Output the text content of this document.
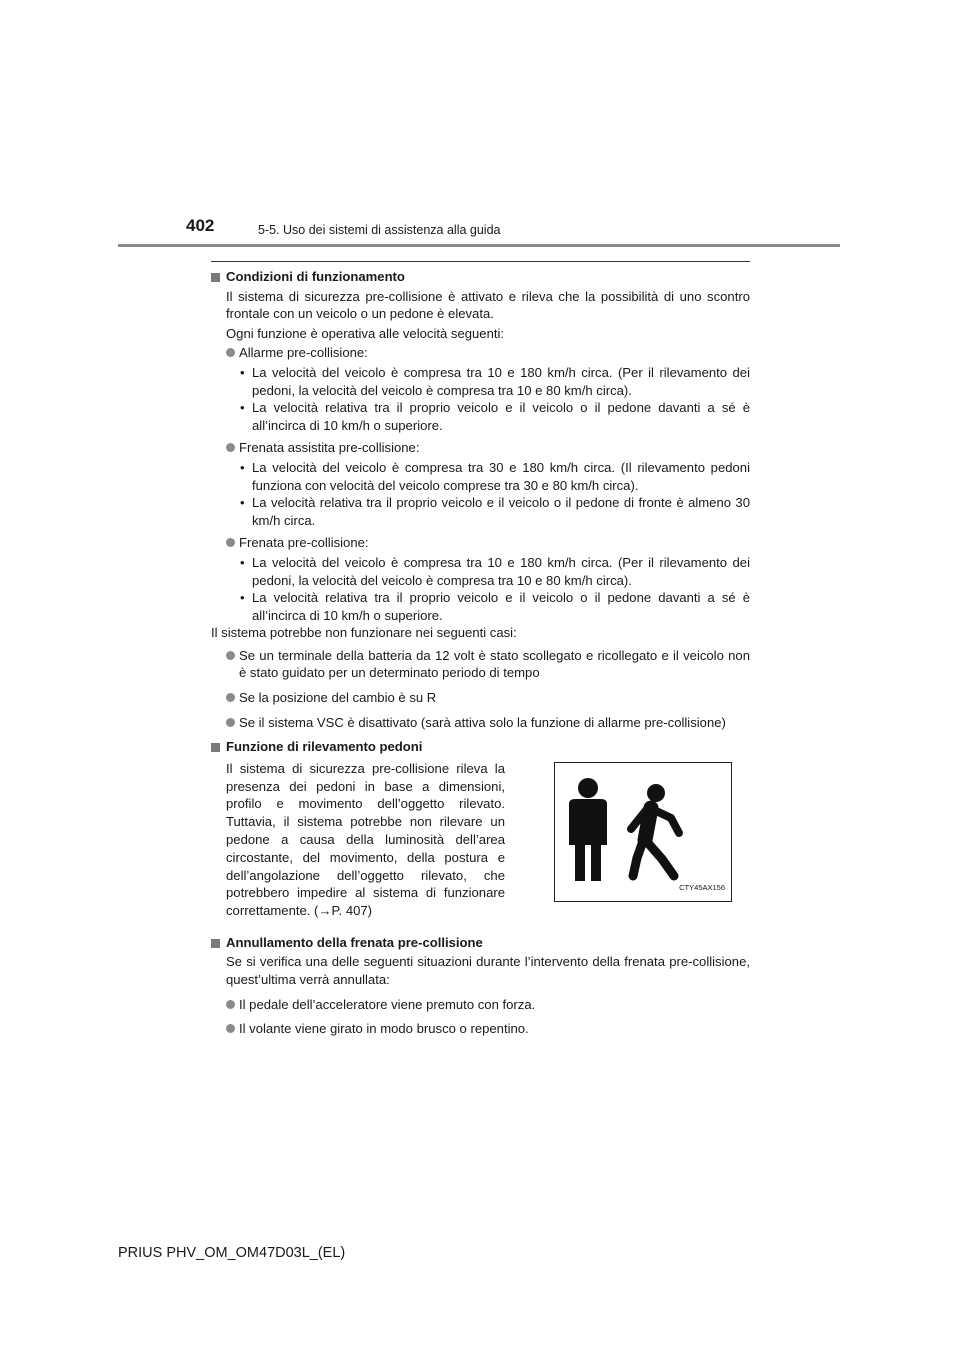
402	5-5. Uso dei sistemi di assistenza alla guida

Condizioni di funzionamento

Il sistema di sicurezza pre-collisione è attivato e rileva che la possibilità di uno scontro frontale con un veicolo o un pedone è elevata.

Ogni funzione è operativa alle velocità seguenti:

Allarme pre-collisione:

• La velocità del veicolo è compresa tra 10 e 180 km/h circa. (Per il rilevamento dei pedoni, la velocità del veicolo è compresa tra 10 e 80 km/h circa).

• La velocità relativa tra il proprio veicolo e il veicolo o il pedone davanti a sé è all’incirca di 10 km/h o superiore.

Frenata assistita pre-collisione:

• La velocità del veicolo è compresa tra 30 e 180 km/h circa. (Il rilevamento pedoni funziona con velocità del veicolo comprese tra 30 e 80 km/h circa).

• La velocità relativa tra il proprio veicolo e il veicolo o il pedone di fronte è almeno 30 km/h circa.

Frenata pre-collisione:

• La velocità del veicolo è compresa tra 10 e 180 km/h circa. (Per il rilevamento dei pedoni, la velocità del veicolo è compresa tra 10 e 80 km/h circa).

• La velocità relativa tra il proprio veicolo e il veicolo o il pedone davanti a sé è all’incirca di 10 km/h o superiore.

Il sistema potrebbe non funzionare nei seguenti casi:

Se un terminale della batteria da 12 volt è stato scollegato e ricollegato e il veicolo non è stato guidato per un determinato periodo di tempo

Se la posizione del cambio è su R

Se il sistema VSC è disattivato (sarà attiva solo la funzione di allarme pre-collisione)

Funzione di rilevamento pedoni

Il sistema di sicurezza pre-collisione rileva la presenza dei pedoni in base a dimensioni, profilo e movimento dell’oggetto rilevato. Tuttavia, il sistema potrebbe non rilevare un pedone a causa della luminosità dell’area circostante, del movimento, della postura e dell’angolazione dell’oggetto rilevato, che potrebbero impedire al sistema di funzionare correttamente. (→P. 407)

CTY45AX156

Annullamento della frenata pre-collisione

Se si verifica una delle seguenti situazioni durante l’intervento della frenata pre-collisione, quest’ultima verrà annullata:

Il pedale dell’acceleratore viene premuto con forza.

Il volante viene girato in modo brusco o repentino.

PRIUS PHV_OM_OM47D03L_(EL)
